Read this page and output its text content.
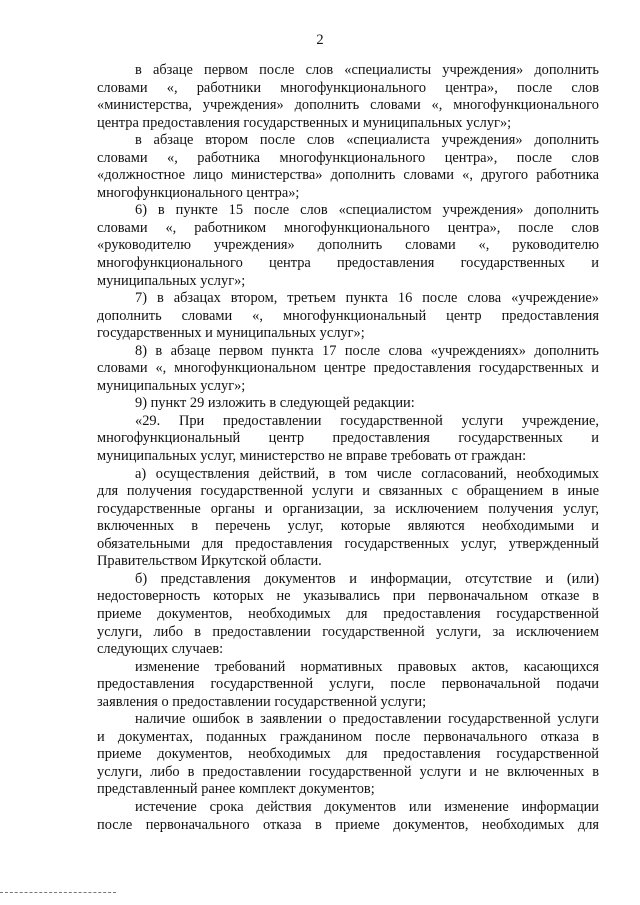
2
в абзаце первом после слов «специалисты учреждения» дополнить
словами «, работники многофункционального центра», после слов
«министерства, учреждения» дополнить словами «, многофункционального
центра предоставления государственных и муниципальных услуг»;
в абзаце втором после слов «специалиста учреждения» дополнить
словами «, работника многофункционального центра», после слов
«должностное лицо министерства» дополнить словами «, другого работника
многофункционального центра»;
6) в пункте 15 после слов «специалистом учреждения» дополнить
словами «, работником многофункционального центра», после слов
«руководителю учреждения» дополнить словами «, руководителю
многофункционального центра предоставления государственных и
муниципальных услуг»;
7) в абзацах втором, третьем пункта 16 после слова «учреждение»
дополнить словами «, многофункциональный центр предоставления
государственных и муниципальных услуг»;
8) в абзаце первом пункта 17 после слова «учреждениях» дополнить
словами «, многофункциональном центре предоставления государственных и
муниципальных услуг»;
9) пункт 29 изложить в следующей редакции:
«29. При предоставлении государственной услуги учреждение,
многофункциональный центр предоставления государственных и
муниципальных услуг, министерство не вправе требовать от граждан:
а) осуществления действий, в том числе согласований, необходимых
для получения государственной услуги и связанных с обращением в иные
государственные органы и организации, за исключением получения услуг,
включенных в перечень услуг, которые являются необходимыми и
обязательными для предоставления государственных услуг, утвержденный
Правительством Иркутской области.
б) представления документов и информации, отсутствие и (или)
недостоверность которых не указывались при первоначальном отказе в
приеме документов, необходимых для предоставления государственной
услуги, либо в предоставлении государственной услуги, за исключением
следующих случаев:
изменение требований нормативных правовых актов, касающихся
предоставления государственной услуги, после первоначальной подачи
заявления о предоставлении государственной услуги;
наличие ошибок в заявлении о предоставлении государственной услуги
и документах, поданных гражданином после первоначального отказа в
приеме документов, необходимых для предоставления государственной
услуги, либо в предоставлении государственной услуги и не включенных в
представленный ранее комплект документов;
истечение срока действия документов или изменение информации
после первоначального отказа в приеме документов, необходимых для
